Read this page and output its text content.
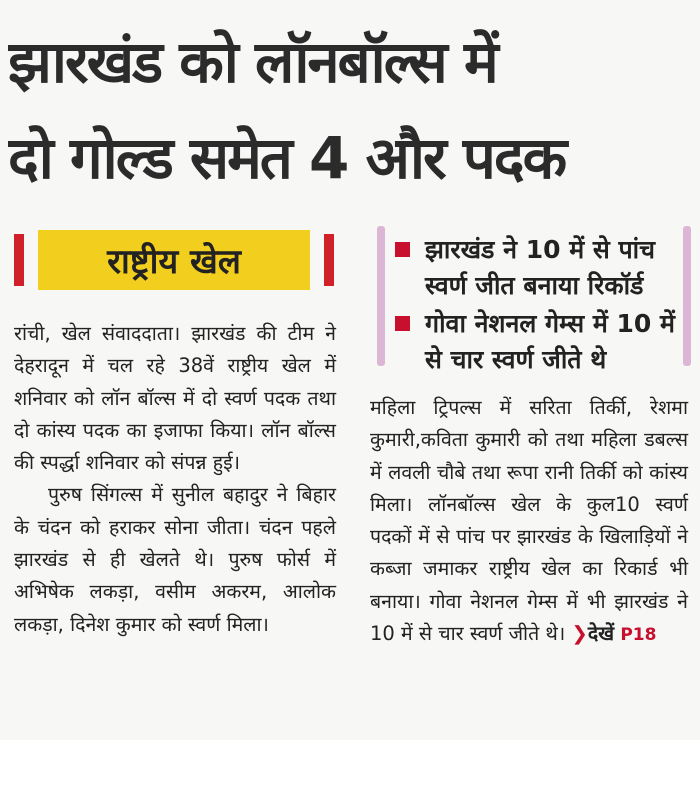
झारखंड को लॉनबॉल्स में
दो गोल्ड समेत 4 और पदक
राष्ट्रीय खेल	झारखंड ने 10 में से पांच स्वर्ण जीत बनाया रिकॉर्ड
गोवा नेशनल गेम्स में 10 में से चार स्वर्ण जीते थे

रांची, खेल संवाददाता। झारखंड की टीम ने देहरादून में चल रहे 38वें राष्ट्रीय खेल में शनिवार को लॉन बॉल्स में दो स्वर्ण पदक तथा दो कांस्य पदक का इजाफा किया। लॉन बॉल्स की स्पर्द्धा शनिवार को संपन्न हुई।

पुरुष सिंगल्स में सुनील बहादुर ने बिहार के चंदन को हराकर सोना जीता। चंदन पहले झारखंड से ही खेलते थे। पुरुष फोर्स में अभिषेक लकड़ा, वसीम अकरम, आलोक लकड़ा, दिनेश कुमार को स्वर्ण मिला।

महिला ट्रिपल्स में सरिता तिर्की, रेशमा कुमारी,कविता कुमारी को तथा महिला डबल्स में लवली चौबे तथा रूपा रानी तिर्की को कांस्य मिला। लॉनबॉल्स खेल के कुल10 स्वर्ण पदकों में से पांच पर झारखंड के खिलाड़ियों ने कब्जा जमाकर राष्ट्रीय खेल का रिकार्ड भी बनाया। गोवा नेशनल गेम्स में भी झारखंड ने 10 में से चार स्वर्ण जीते थे। ❯देखें P18
